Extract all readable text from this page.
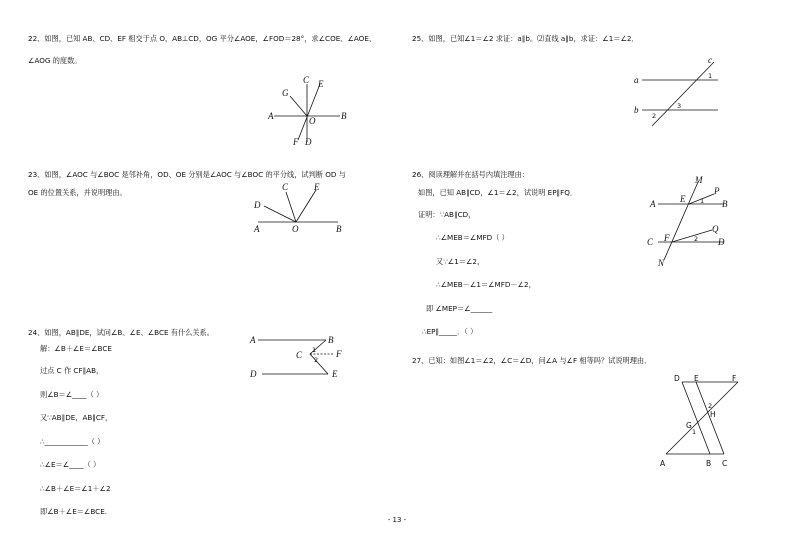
22、如图，已知 AB、CD、EF 相交于点 O，AB⊥CD，OG 平分∠AOE，∠FOD＝28°，求∠COE、∠AOE、
∠AOG 的度数。
A	B
C
D
E
F
G
O
23、如图，∠AOC 与∠BOC 是邻补角，OD、OE 分别是∠AOC 与∠BOC 的平分线，试判断 OD 与
OE 的位置关系，并说明理由。
A	B
C
D
E
O
24、如图，AB∥DE，试问∠B、∠E、∠BCE 有什么关系。
解：∠B＋∠E＝∠BCE
过点 C 作 CF∥AB，
则∠B＝∠____（ ）
又∵AB∥DE，AB∥CF，
∴____________（ ）
∴∠E＝∠____（ ）
∴∠B＋∠E＝∠1＋∠2
即∠B＋∠E＝∠BCE.
A	B
C
D	E
F
1
2
25、如图，已知∠1＝∠2 求证：a∥b。⑵直线 a∥b，求证：∠1＝∠2．
a
b
c
1
2
3
26、阅读理解并在括号内填注理由：
如图，已知 AB∥CD，∠1＝∠2，试说明 EP∥FQ．
证明：∵AB∥CD，
∴∠MEB＝∠MFD（ ）
又∵∠1＝∠2，
∴∠MEB－∠1＝∠MFD－∠2，
即 ∠MEP＝∠______
∴EP∥_____．（ ）
A	B
C	D
E
F
M
N
P
Q
1
2
27、已知：如图∠1＝∠2，∠C＝∠D，问∠A 与∠F 相等吗？试说明理由．
D E	F
A	B C
G
H
1
2
- 13 -
